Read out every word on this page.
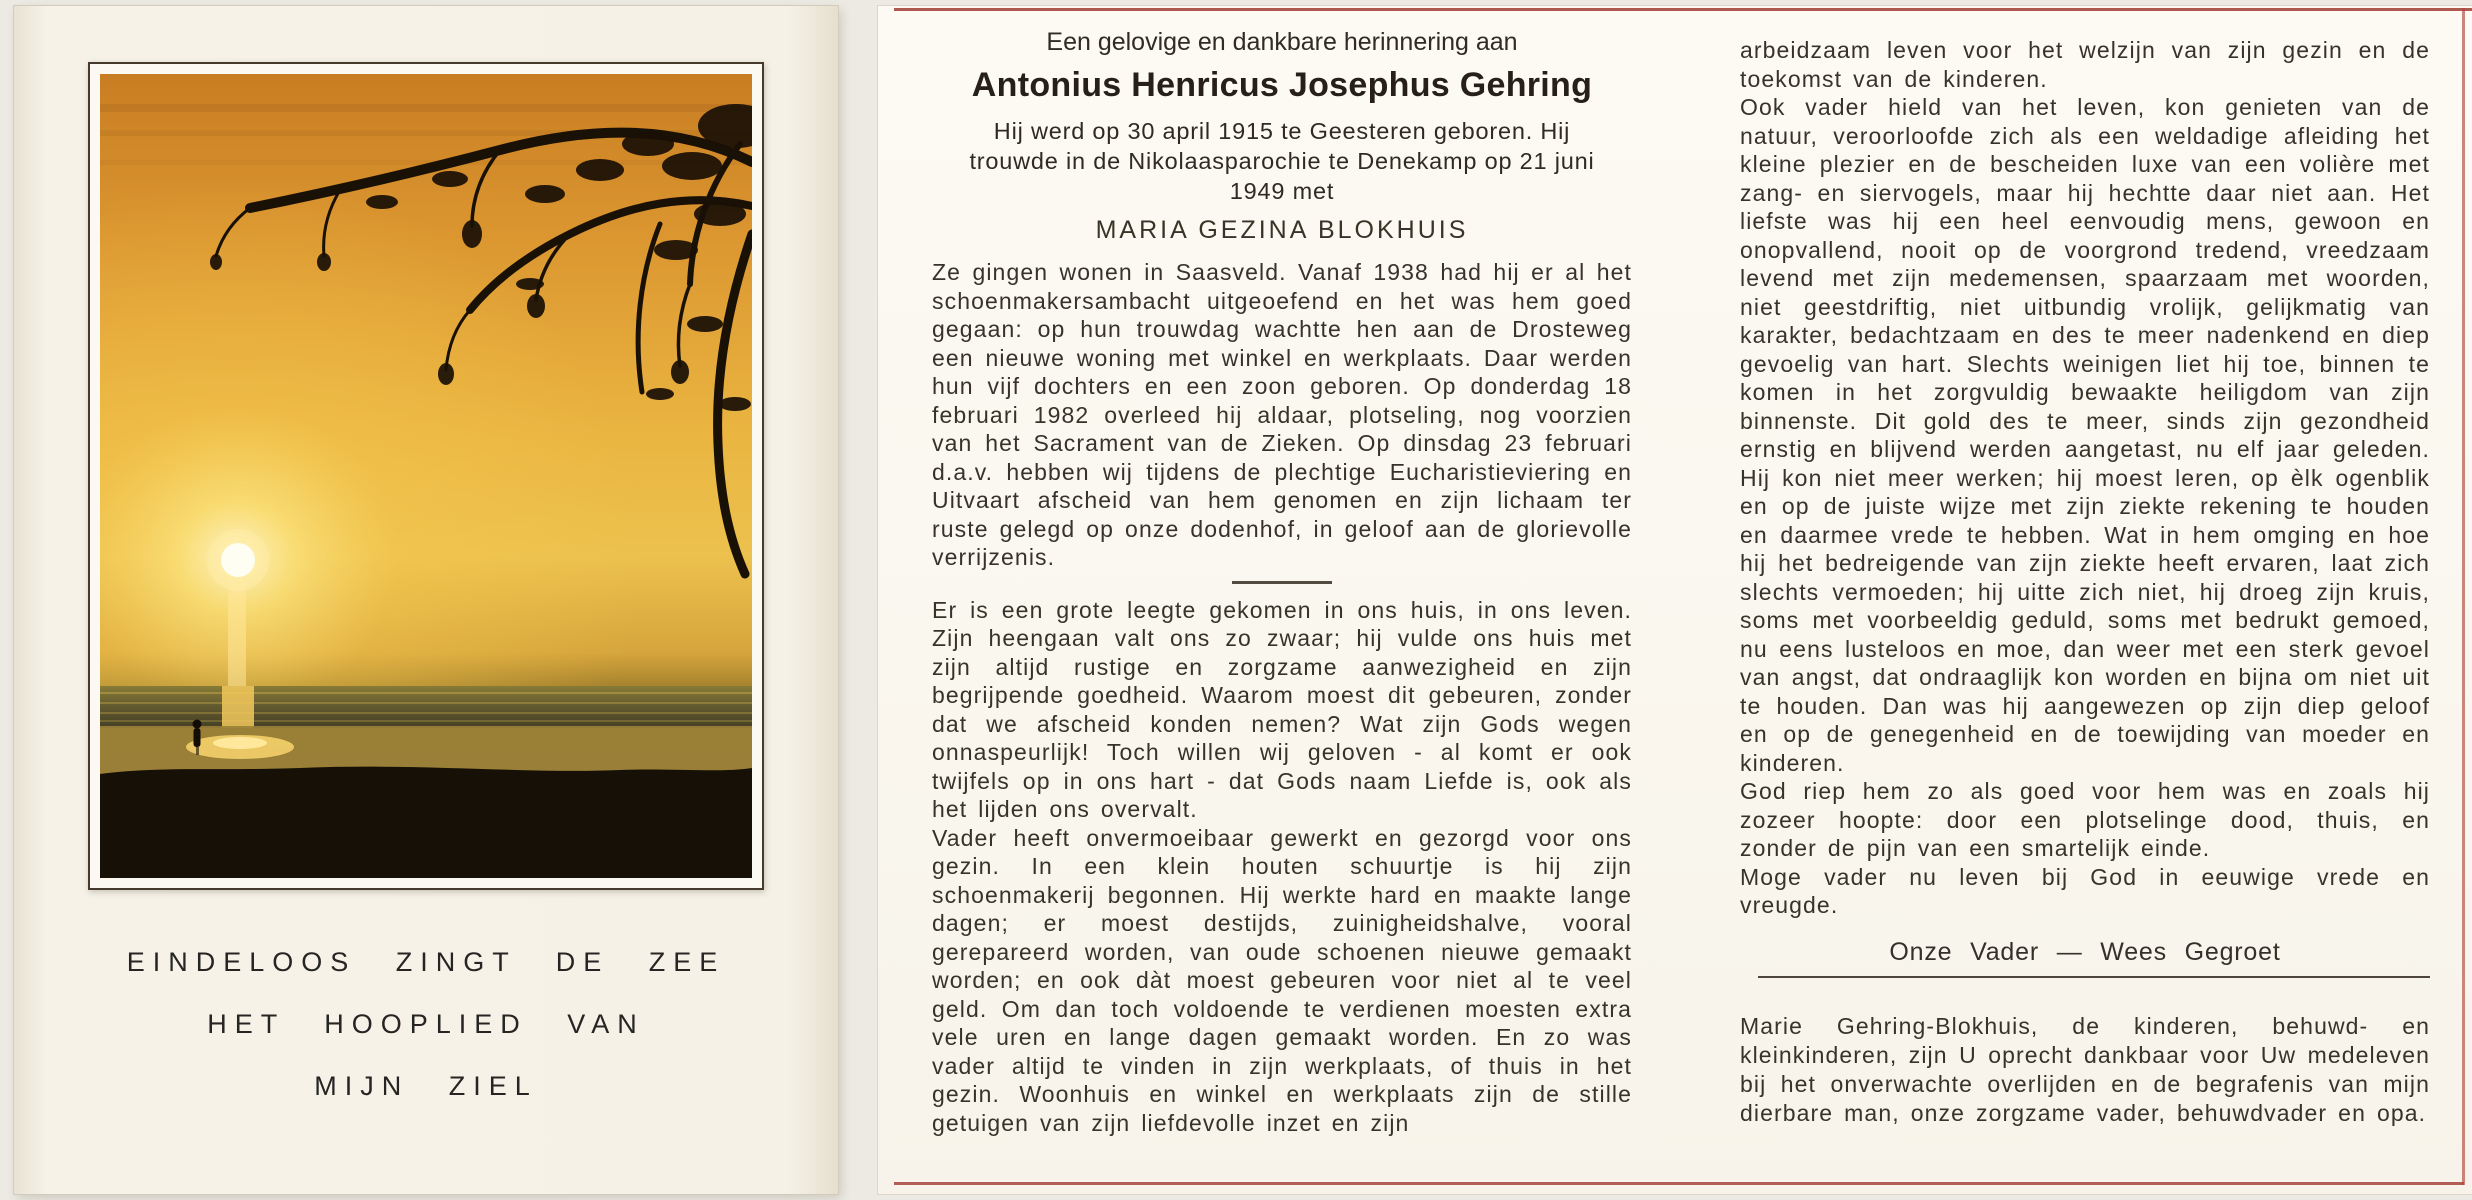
EINDELOOS ZINGT DE ZEE
HET HOOPLIED VAN
MIJN ZIEL
Een gelovige en dankbare herinnering aan
Antonius Henricus Josephus Gehring
Hij werd op 30 april 1915 te Geesteren geboren. Hij trouwde in de Nikolaasparochie te Denekamp op 21 juni 1949 met
MARIA GEZINA BLOKHUIS

Ze gingen wonen in Saasveld. Vanaf 1938 had hij er al het schoenmakersambacht uitgeoefend en het was hem goed gegaan: op hun trouwdag wachtte hen aan de Drosteweg een nieuwe woning met winkel en werkplaats. Daar werden hun vijf dochters en een zoon geboren. Op donderdag 18 februari 1982 overleed hij aldaar, plotseling, nog voorzien van het Sacrament van de Zieken. Op dinsdag 23 februari d.a.v. hebben wij tijdens de plechtige Eucharistieviering en Uitvaart afscheid van hem genomen en zijn lichaam ter ruste gelegd op onze dodenhof, in geloof aan de glorievolle verrijzenis.

Er is een grote leegte gekomen in ons huis, in ons leven. Zijn heengaan valt ons zo zwaar; hij vulde ons huis met zijn altijd rustige en zorgzame aanwezigheid en zijn begrijpende goedheid. Waarom moest dit gebeuren, zonder dat we afscheid konden nemen? Wat zijn Gods wegen onnaspeurlijk! Toch willen wij geloven - al komt er ook twijfels op in ons hart - dat Gods naam Liefde is, ook als het lijden ons overvalt.

Vader heeft onvermoeibaar gewerkt en gezorgd voor ons gezin. In een klein houten schuurtje is hij zijn schoenmakerij begonnen. Hij werkte hard en maakte lange dagen; er moest destijds, zuinigheidshalve, vooral gerepareerd worden, van oude schoenen nieuwe gemaakt worden; en ook dàt moest gebeuren voor niet al te veel geld. Om dan toch voldoende te verdienen moesten extra vele uren en lange dagen gemaakt worden. En zo was vader altijd te vinden in zijn werkplaats, of thuis in het gezin. Woonhuis en winkel en werkplaats zijn de stille getuigen van zijn liefdevolle inzet en zijn

arbeidzaam leven voor het welzijn van zijn gezin en de toekomst van de kinderen.

Ook vader hield van het leven, kon genieten van de natuur, veroorloofde zich als een weldadige afleiding het kleine plezier en de bescheiden luxe van een volière met zang- en siervogels, maar hij hechtte daar niet aan. Het liefste was hij een heel eenvoudig mens, gewoon en onopvallend, nooit op de voorgrond tredend, vreedzaam levend met zijn medemensen, spaarzaam met woorden, niet geestdriftig, niet uitbundig vrolijk, gelijkmatig van karakter, bedachtzaam en des te meer nadenkend en diep gevoelig van hart. Slechts weinigen liet hij toe, binnen te komen in het zorgvuldig bewaakte heiligdom van zijn binnenste. Dit gold des te meer, sinds zijn gezondheid ernstig en blijvend werden aangetast, nu elf jaar geleden. Hij kon niet meer werken; hij moest leren, op èlk ogenblik en op de juiste wijze met zijn ziekte rekening te houden en daarmee vrede te hebben. Wat in hem omging en hoe hij het bedreigende van zijn ziekte heeft ervaren, laat zich slechts vermoeden; hij uitte zich niet, hij droeg zijn kruis, soms met voorbeeldig geduld, soms met bedrukt gemoed, nu eens lusteloos en moe, dan weer met een sterk gevoel van angst, dat ondraaglijk kon worden en bijna om niet uit te houden. Dan was hij aangewezen op zijn diep geloof en op de genegenheid en de toewijding van moeder en kinderen.

God riep hem zo als goed voor hem was en zoals hij zozeer hoopte: door een plotselinge dood, thuis, en zonder de pijn van een smartelijk einde.

Moge vader nu leven bij God in eeuwige vrede en vreugde.

Onze Vader — Wees Gegroet

Marie Gehring-Blokhuis, de kinderen, behuwd- en kleinkinderen, zijn U oprecht dankbaar voor Uw medeleven bij het onverwachte overlijden en de begrafenis van mijn dierbare man, onze zorgzame vader, behuwdvader en opa.
